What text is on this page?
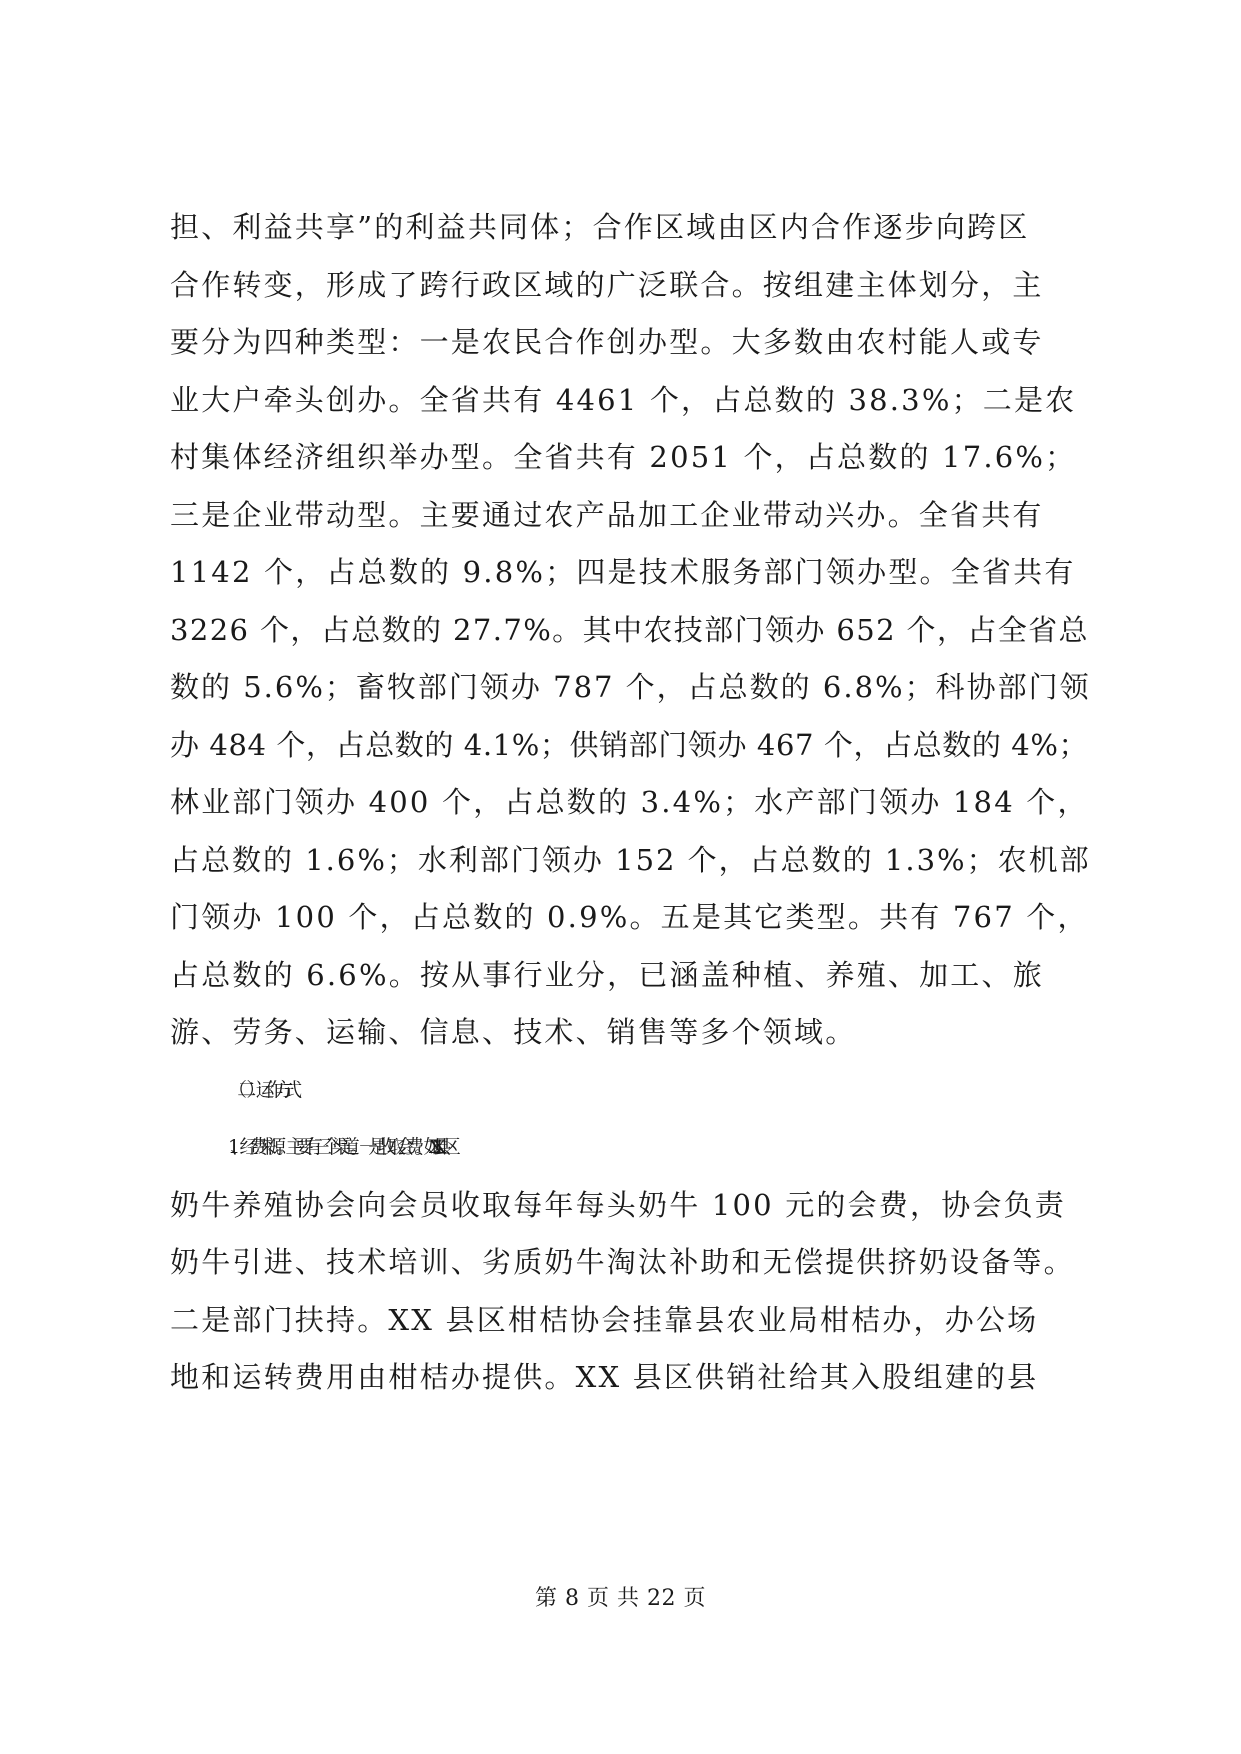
担、利益共享”的利益共同体；合作区域由区内合作逐步向跨区
合作转变，形成了跨行政区域的广泛联合。按组建主体划分，主
要分为四种类型：一是农民合作创办型。大多数由农村能人或专
业大户牵头创办。全省共有 4461 个，占总数的 38.3%；二是农
村集体经济组织举办型。全省共有 2051 个，占总数的 17.6%；
三是企业带动型。主要通过农产品加工企业带动兴办。全省共有
1142 个，占总数的 9.8%；四是技术服务部门领办型。全省共有
3226 个，占总数的 27.7%。其中农技部门领办 652 个，占全省总
数的 5.6%；畜牧部门领办 787 个，占总数的 6.8%；科协部门领
办 484 个，占总数的 4.1%；供销部门领办 467 个，占总数的 4%；
林业部门领办 400 个，占总数的 3.4%；水产部门领办 184 个，
占总数的 1.6%；水利部门领办 152 个，占总数的 1.3%；农机部
门领办 100 个，占总数的 0.9%。五是其它类型。共有 767 个，
占总数的 6.6%。按从事行业分，已涵盖种植、养殖、加工、旅
游、劳务、运输、信息、技术、销售等多个领域。
（二）运作方式
1、经费来源。主要有三个渠道。一是收取会费。如 XX 县区
奶牛养殖协会向会员收取每年每头奶牛 100 元的会费，协会负责
奶牛引进、技术培训、劣质奶牛淘汰补助和无偿提供挤奶设备等。
二是部门扶持。XX 县区柑桔协会挂靠县农业局柑桔办，办公场
地和运转费用由柑桔办提供。XX 县区供销社给其入股组建的县
第 8 页 共 22 页
